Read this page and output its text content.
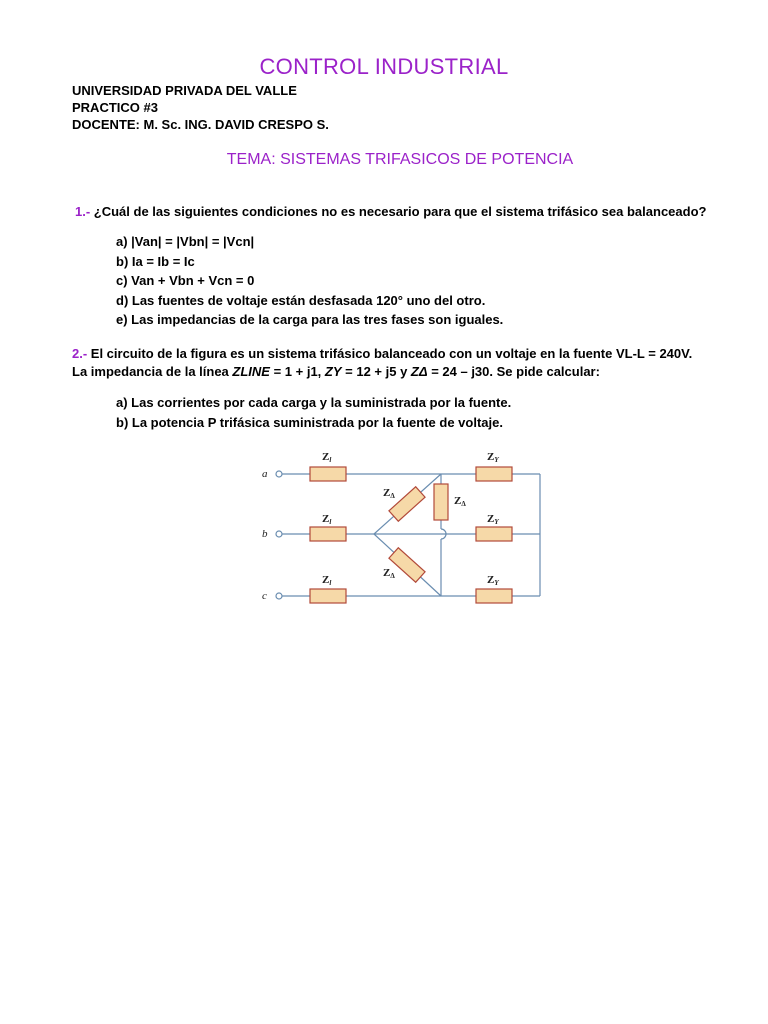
CONTROL INDUSTRIAL
UNIVERSIDAD PRIVADA DEL VALLE
PRACTICO #3
DOCENTE: M. Sc. ING. DAVID CRESPO S.
TEMA: SISTEMAS TRIFASICOS DE POTENCIA
1.- ¿Cuál de las siguientes condiciones no es necesario para que el sistema trifásico sea balanceado?
a) |Van| = |Vbn| = |Vcn|
b) Ia = Ib = Ic
c) Van + Vbn + Vcn = 0
d) Las fuentes de voltaje están desfasada 120° uno del otro.
e) Las impedancias de la carga para las tres fases son iguales.
2.- El circuito de la figura es un sistema trifásico balanceado con un voltaje en la fuente VL-L = 240V.
La impedancia de la línea ZLINE = 1 + j1, ZY = 12 + j5 y ZΔ = 24 – j30. Se pide calcular:
a) Las corrientes por cada carga y la suministrada por la fuente.
b) La potencia P trifásica suministrada por la fuente de voltaje.
a
b
c
Zl
Zl
Zl
ZY
ZY
ZY
ZΔ	ZΔ
ZΔ
